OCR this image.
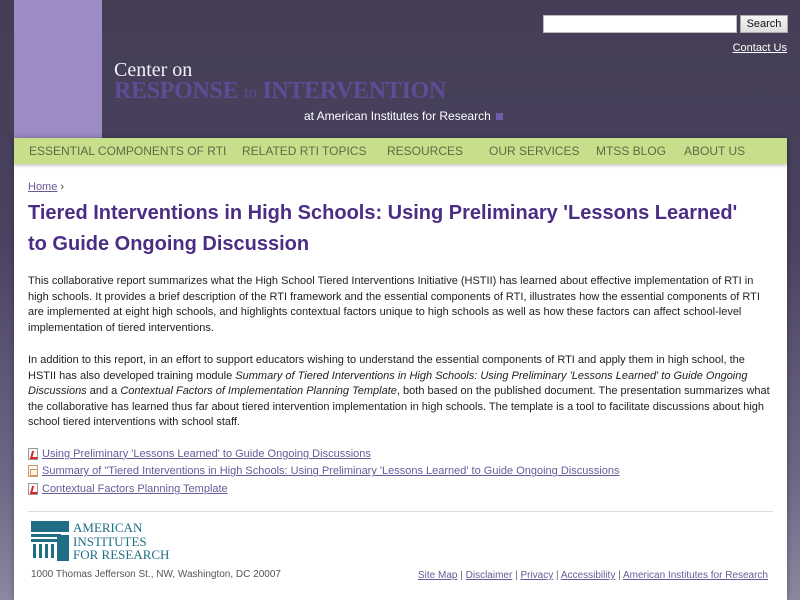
Search
Contact Us
Center on
RESPONSE to INTERVENTION
at American Institutes for Research
ESSENTIAL COMPONENTS OF RTI RELATED RTI TOPICS RESOURCES OUR SERVICES MTSS BLOG ABOUT US
Home ›
Tiered Interventions in High Schools: Using Preliminary 'Lessons Learned' to Guide Ongoing Discussion

This collaborative report summarizes what the High School Tiered Interventions Initiative (HSTII) has learned about effective implementation of RTI in high schools. It provides a brief description of the RTI framework and the essential components of RTI, illustrates how the essential components of RTI are implemented at eight high schools, and highlights contextual factors unique to high schools as well as how these factors can affect school-level implementation of tiered interventions.

In addition to this report, in an effort to support educators wishing to understand the essential components of RTI and apply them in high school, the HSTII has also developed training module Summary of Tiered Interventions in High Schools: Using Preliminary 'Lessons Learned' to Guide Ongoing Discussions and a Contextual Factors of Implementation Planning Template, both based on the published document. The presentation summarizes what the collaborative has learned thus far about tiered intervention implementation in high schools. The template is a tool to facilitate discussions about high school tiered interventions with school staff.

Using Preliminary 'Lessons Learned' to Guide Ongoing Discussions
Summary of "Tiered Interventions in High Schools: Using Preliminary 'Lessons Learned' to Guide Ongoing Discussions
Contextual Factors Planning Template
AMERICAN
INSTITUTES
FOR RESEARCH
1000 Thomas Jefferson St., NW, Washington, DC 20007	Site Map | Disclaimer | Privacy | Accessibility | American Institutes for Research
